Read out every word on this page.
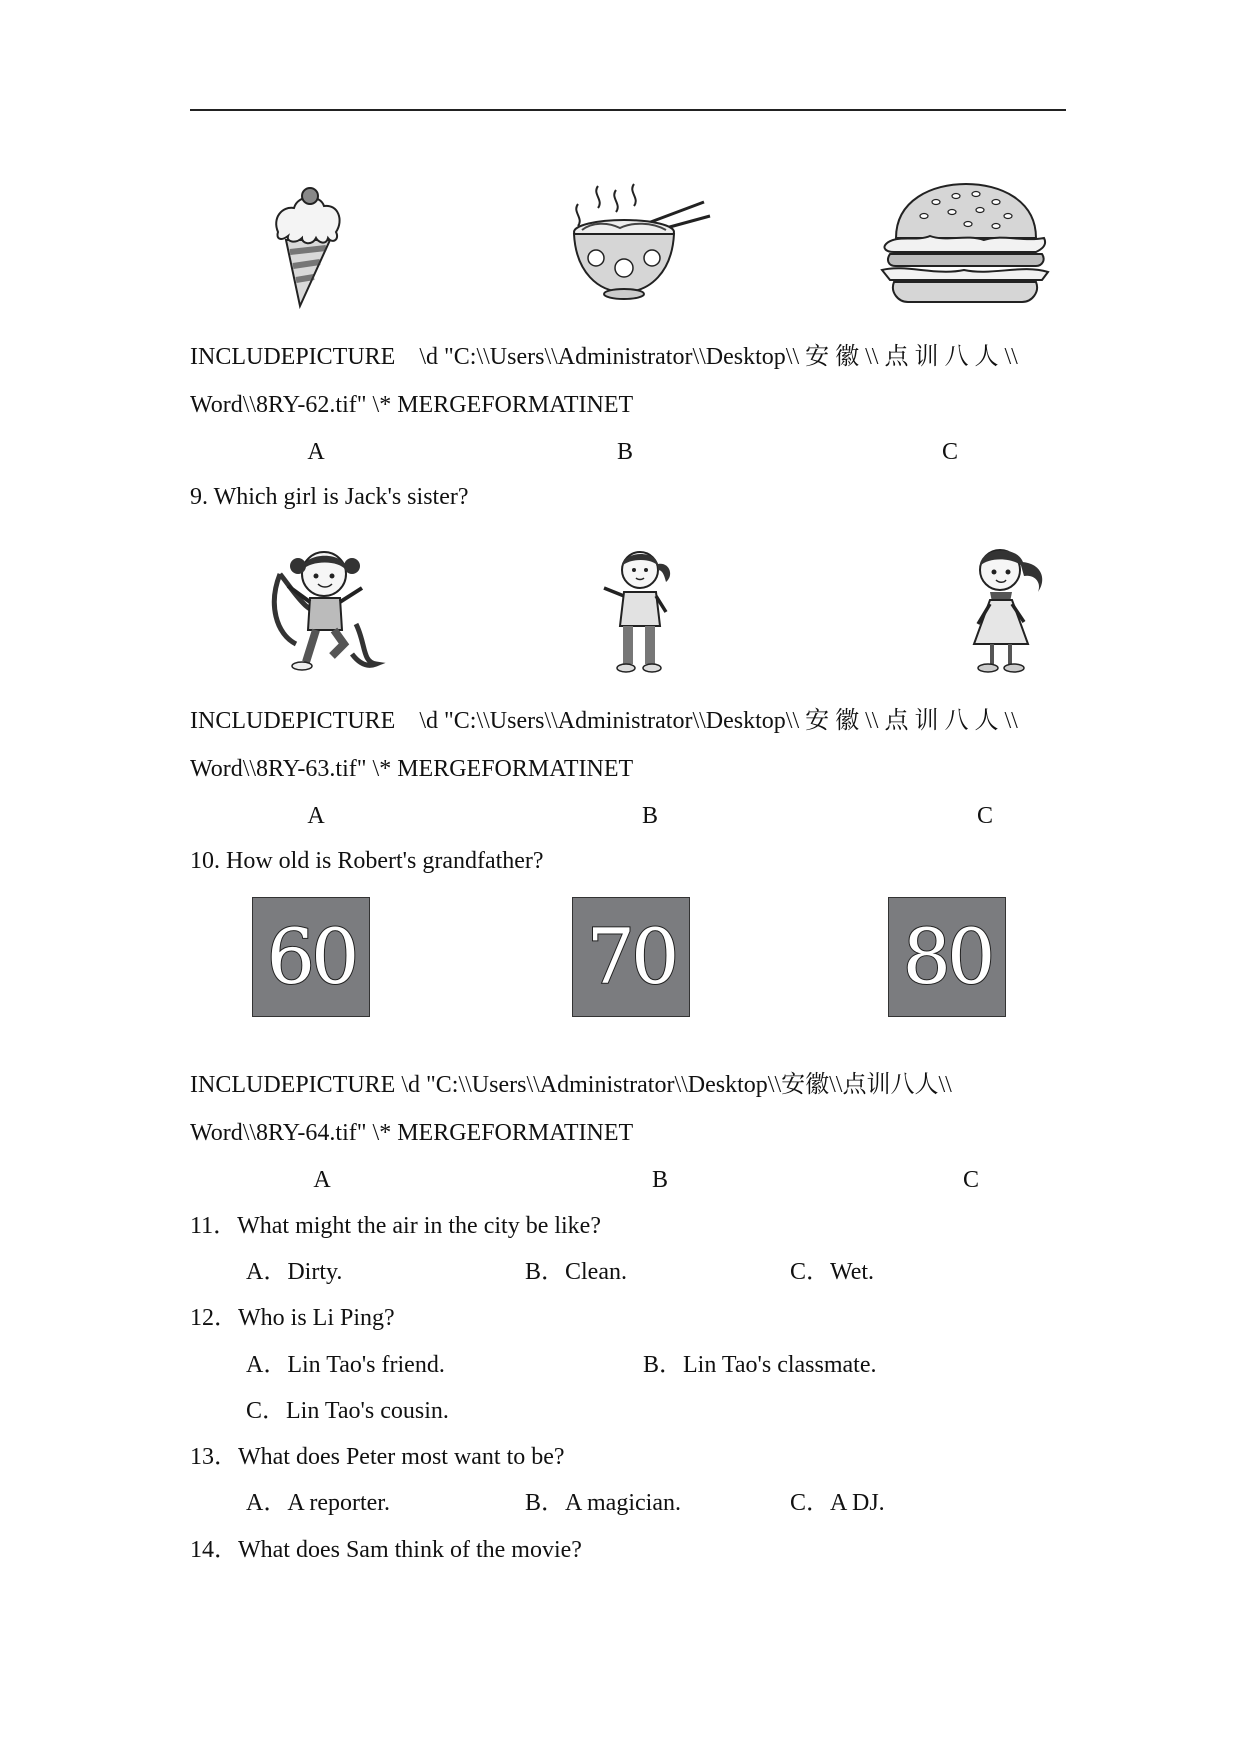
INCLUDEPICTURE \d "C:\\Users\\Administrator\\Desktop\\ 安 徽 \\ 点 训 八 人 \\
Word\\8RY-62.tif" \* MERGEFORMATINET
A	B	C
9. Which girl is Jack's sister?
INCLUDEPICTURE \d "C:\\Users\\Administrator\\Desktop\\ 安 徽 \\ 点 训 八 人 \\
Word\\8RY-63.tif" \* MERGEFORMATINET
A	B	C
10. How old is Robert's grandfather?
60	70	80
INCLUDEPICTURE \d "C:\\Users\\Administrator\\Desktop\\安徽\\点训八人\\
Word\\8RY-64.tif" \* MERGEFORMATINET
A	B	C
11．What might the air in the city be like?
A．Dirty.	B．Clean.	C．Wet.
12．Who is Li Ping?
A．Lin Tao's friend.	B．Lin Tao's classmate.
C．Lin Tao's cousin.
13．What does Peter most want to be?
A．A reporter.	B．A magician.	C．A DJ.
14．What does Sam think of the movie?
